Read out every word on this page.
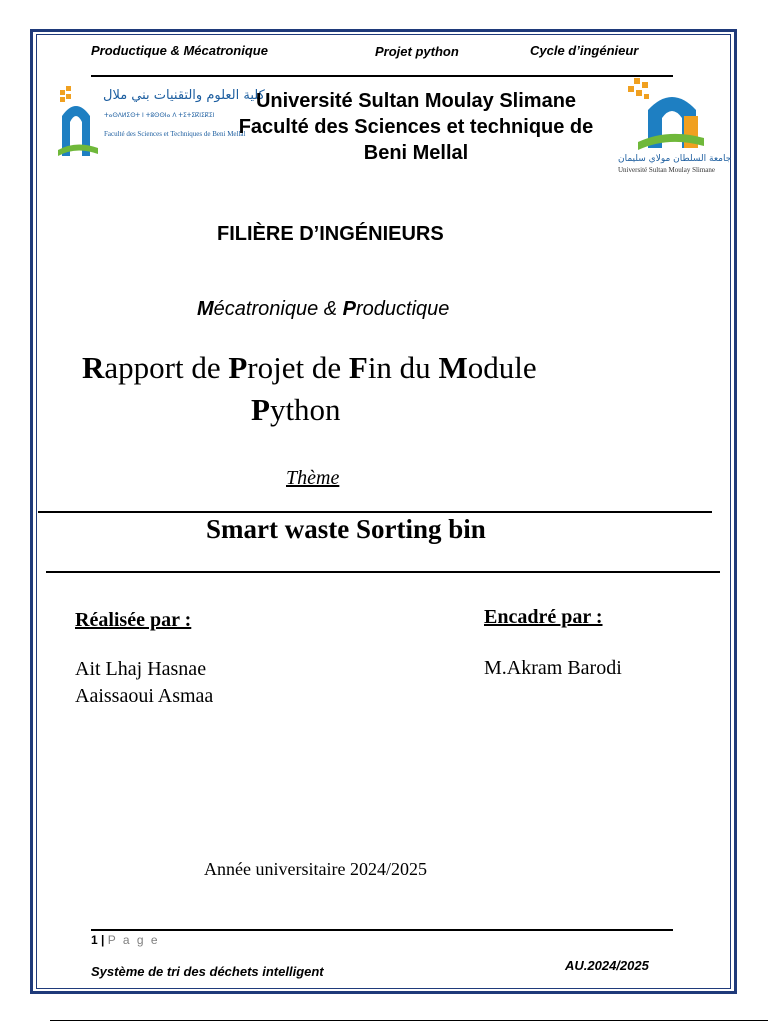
Productique & Mécatronique	Projet python	Cycle d’ingénieur
كلية العلوم والتقنيات بني ملال
ⵜⴰⵙⴷⵍⵉⵙⵜ ⵏ ⵜⵓⵙⵙⵏⴰ ⴷ ⵜⵉⵜⵉⴽⵏⵉⴽⵉⵏ
Faculté des Sciences et Techniques de Beni Mellal
Université Sultan Moulay Slimane
Faculté des Sciences et technique de
Beni Mellal	جامعة السلطان مولاي سليمان
Université Sultan Moulay Slimane
FILIÈRE D’INGÉNIEURS
Mécatronique & Productique
Rapport de Projet de Fin du Module
Python
Thème
Smart waste Sorting bin
Réalisée par :
Ait Lhaj Hasnae
Aaissaoui Asmaa
Encadré par :
M.Akram Barodi
Année universitaire 2024/2025
1 | P a g e
Système de tri des déchets intelligent	AU.2024/2025
